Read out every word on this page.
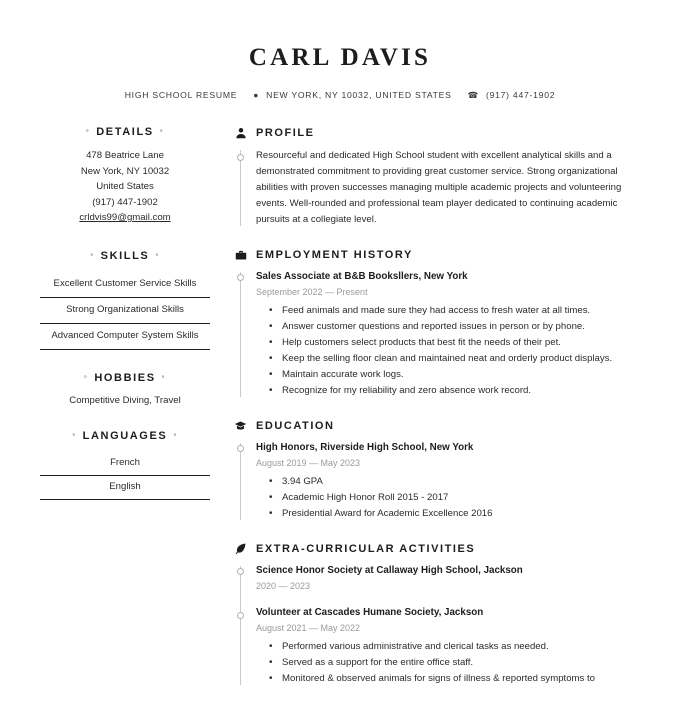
CARL DAVIS
HIGH SCHOOL RESUME ● NEW YORK, NY 10032, UNITED STATES ☎ (917) 447-1902
◦ DETAILS ◦
478 Beatrice Lane
New York, NY 10032
United States
(917) 447-1902
crldvis99@gmail.com
◦ SKILLS ◦
Excellent Customer Service Skills
Strong Organizational Skills
Advanced Computer System Skills
◦ HOBBIES ◦
Competitive Diving, Travel
◦ LANGUAGES ◦
French
English
PROFILE
Resourceful and dedicated High School student with excellent analytical skills and a demonstrated commitment to providing great customer service. Strong organizational abilities with proven successes managing multiple academic projects and volunteering events. Well-rounded and professional team player dedicated to continuing academic pursuits at a collegiate level.
EMPLOYMENT HISTORY
Sales Associate at B&B Booksllers, New York
September 2022 — Present
• Feed animals and made sure they had access to fresh water at all times.
• Answer customer questions and reported issues in person or by phone.
• Help customers select products that best fit the needs of their pet.
• Keep the selling floor clean and maintained neat and orderly product displays.
• Maintain accurate work logs.
• Recognize for my reliability and zero absence work record.
EDUCATION
High Honors, Riverside High School, New York
August 2019 — May 2023
• 3.94 GPA
• Academic High Honor Roll 2015 - 2017
• Presidential Award for Academic Excellence 2016
EXTRA-CURRICULAR ACTIVITIES
Science Honor Society at Callaway High School, Jackson
2020 — 2023
Volunteer at Cascades Humane Society, Jackson
August 2021 — May 2022
• Performed various administrative and clerical tasks as needed.
• Served as a support for the entire office staff.
• Monitored & observed animals for signs of illness & reported symptoms to
